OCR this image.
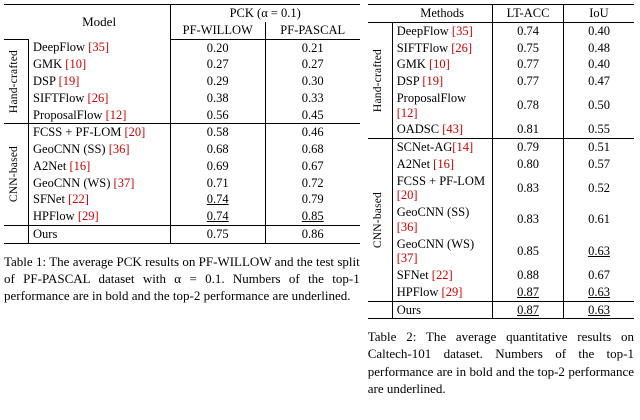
	Model	PCK (α = 0.1)	
		PF-WILLOW	PF-PASCAL

Hand-crafted	DeepFlow [35]	0.20	0.21
	GMK [10]	0.27	0.27
	DSP [19]	0.29	0.30
	SIFTFlow [26]	0.38	0.33
	ProposalFlow [12]	0.56	0.45

CNN-based	FCSS + PF-LOM [20]	0.58	0.46
	GeoCNN (SS) [36]	0.68	0.68
	A2Net [16]	0.69	0.67
	GeoCNN (WS) [37]	0.71	0.72
	SFNet [22]	0.74	0.79
	HPFlow [29]	0.74	0.85
	Ours	0.75	0.86
Table 1: The average PCK results on PF-WILLOW and the test split of PF-PASCAL dataset with α = 0.1. Numbers of the top-1 performance are in bold and the top-2 performance are underlined.
	Methods	LT-ACC	IoU

Hand-crafted	DeepFlow [35]	0.74	0.40
	SIFTFlow [26]	0.75	0.48
	GMK [10]	0.77	0.40
	DSP [19]	0.77	0.47
	ProposalFlow [12]	0.78	0.50
	OADSC [43]	0.81	0.55

CNN-based	SCNet-AG[14]	0.79	0.51
	A2Net [16]	0.80	0.57
	FCSS + PF-LOM [20]	0.83	0.52
	GeoCNN (SS) [36]	0.83	0.61
	GeoCNN (WS) [37]	0.85	0.63
	SFNet [22]	0.88	0.67
	HPFlow [29]	0.87	0.63
	Ours	0.87	0.63
Table 2: The average quantitative results on Caltech-101 dataset. Numbers of the top-1 performance are in bold and the top-2 performance are underlined.
